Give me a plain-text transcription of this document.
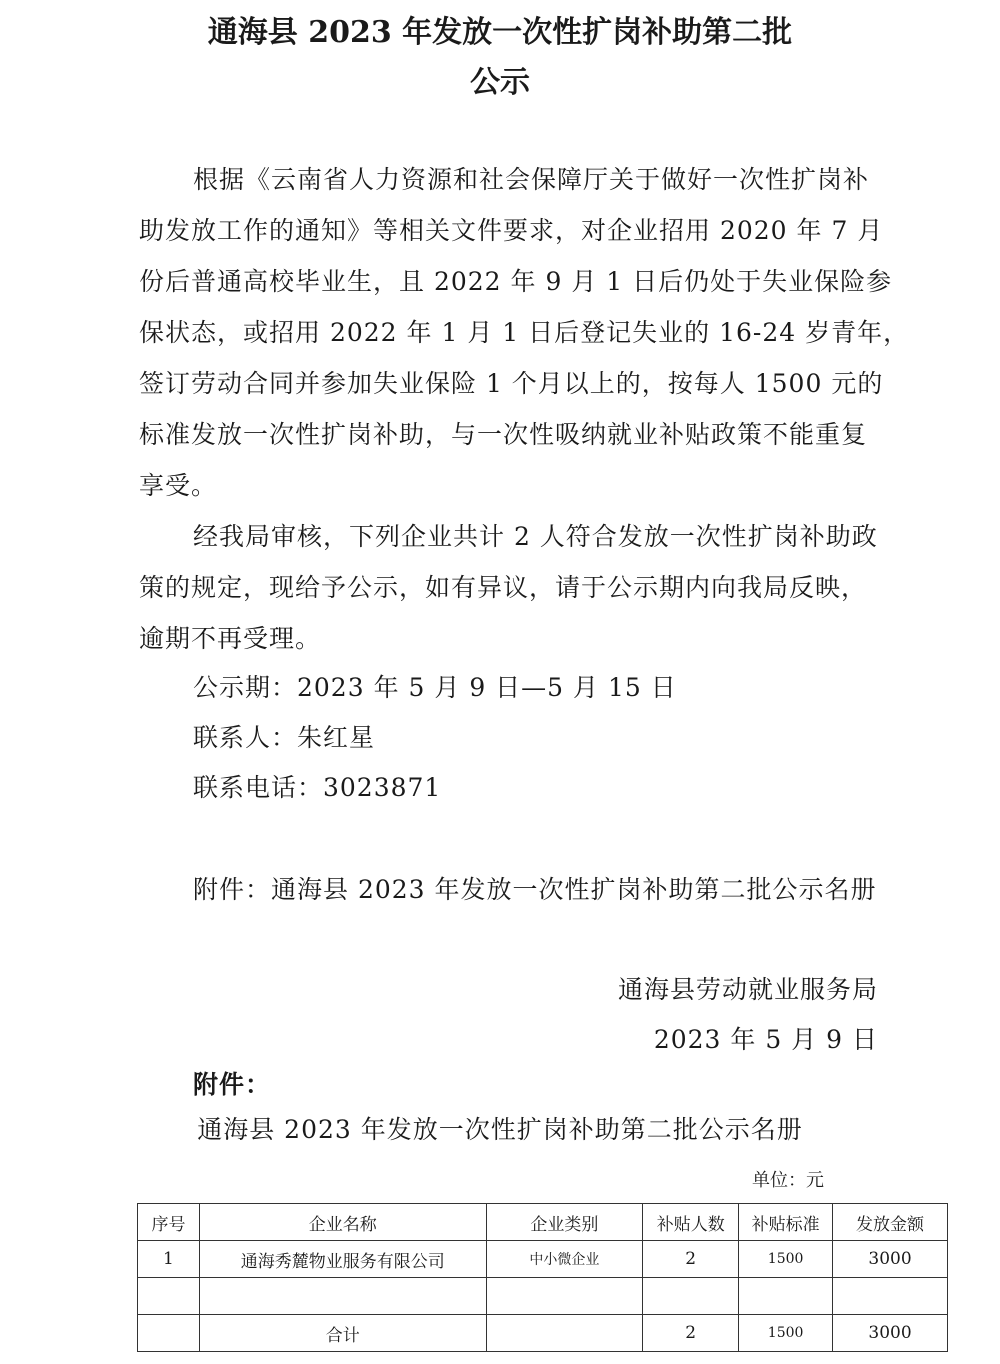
通海县 2023 年发放一次性扩岗补助第二批
公示
根据《云南省人力资源和社会保障厅关于做好一次性扩岗补
助发放工作的通知》等相关文件要求，对企业招用 2020 年 7 月
份后普通高校毕业生，且 2022 年 9 月 1 日后仍处于失业保险参
保状态，或招用 2022 年 1 月 1 日后登记失业的 16-24 岁青年，
签订劳动合同并参加失业保险 1 个月以上的，按每人 1500 元的
标准发放一次性扩岗补助，与一次性吸纳就业补贴政策不能重复
享受。
经我局审核，下列企业共计 2 人符合发放一次性扩岗补助政
策的规定，现给予公示，如有异议，请于公示期内向我局反映，
逾期不再受理。
公示期：2023 年 5 月 9 日—5 月 15 日
联系人：朱红星
联系电话：3023871
附件：通海县 2023 年发放一次性扩岗补助第二批公示名册
通海县劳动就业服务局
2023 年 5 月 9 日
附件：
通海县 2023 年发放一次性扩岗补助第二批公示名册
单位：元
序号	企业名称	企业类别	补贴人数	补贴标准	发放金额
1	通海秀麓物业服务有限公司	中小微企业	2	1500	3000

	合计		2	1500	3000
